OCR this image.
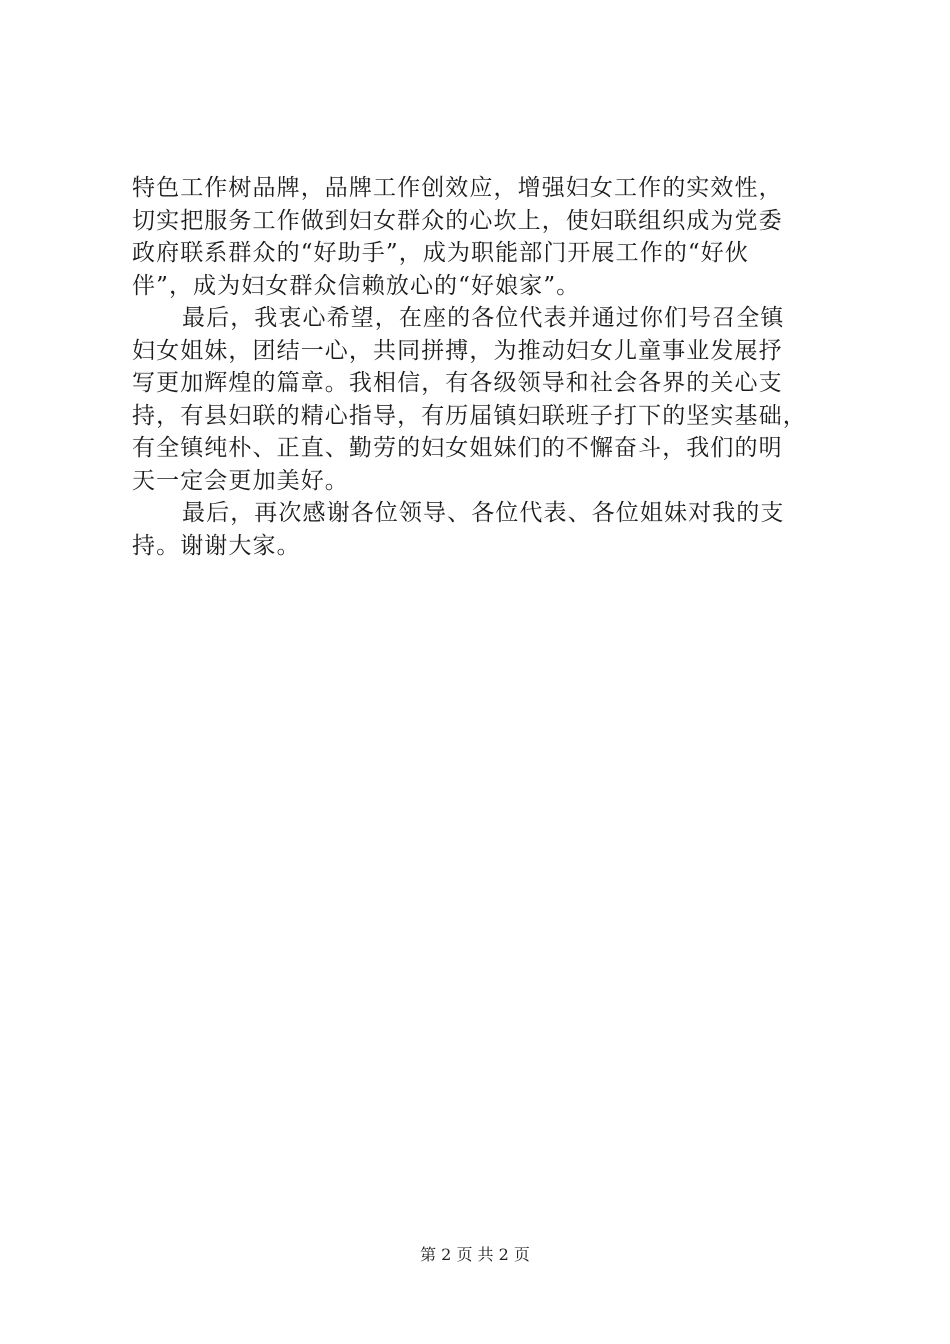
特色工作树品牌，品牌工作创效应，增强妇女工作的实效性，
切实把服务工作做到妇女群众的心坎上，使妇联组织成为党委
政府联系群众的“好助手”，成为职能部门开展工作的“好伙
伴”，成为妇女群众信赖放心的“好娘家”。
最后，我衷心希望，在座的各位代表并通过你们号召全镇
妇女姐妹，团结一心，共同拼搏，为推动妇女儿童事业发展抒
写更加辉煌的篇章。我相信，有各级领导和社会各界的关心支
持，有县妇联的精心指导，有历届镇妇联班子打下的坚实基础，
有全镇纯朴、正直、勤劳的妇女姐妹们的不懈奋斗，我们的明
天一定会更加美好。
最后，再次感谢各位领导、各位代表、各位姐妹对我的支
持。谢谢大家。
第 2 页 共 2 页
